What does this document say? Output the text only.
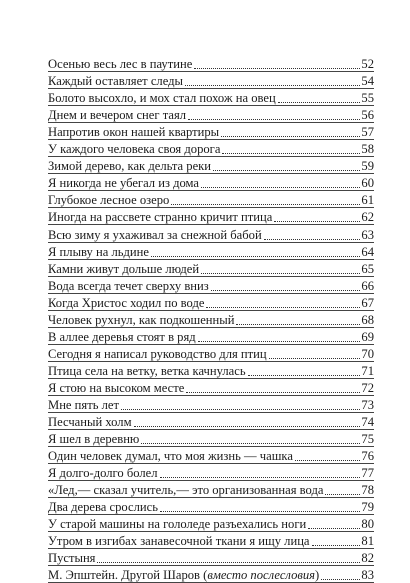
Осенью весь лес в паутине	52
Каждый оставляет следы	54
Болото высохло, и мох стал похож на овец	55
Днем и вечером снег таял	56
Напротив окон нашей квартиры	57
У каждого человека своя дорога	58
Зимой дерево, как дельта реки	59
Я никогда не убегал из дома	60
Глубокое лесное озеро	61
Иногда на рассвете странно кричит птица	62
Всю зиму я ухаживал за снежной бабой	63
Я плыву на льдине	64
Камни живут дольше людей	65
Вода всегда течет сверху вниз	66
Когда Христос ходил по воде	67
Человек рухнул, как подкошенный	68
В аллее деревья стоят в ряд	69
Сегодня я написал руководство для птиц	70
Птица села на ветку, ветка качнулась	71
Я стою на высоком месте	72
Мне пять лет	73
Песчаный холм	74
Я шел в деревню	75
Один человек думал, что моя жизнь — чашка	76
Я долго-долго болел	77
«Лед,— сказал учитель,— это организованная вода	78
Два дерева срослись	79
У старой машины на гололеде разъехались ноги	80
Утром в изгибах занавесочной ткани я ищу лица	81
Пустыня	82
М. Эпштейн. Другой Шаров (вместо послесловия)	83
